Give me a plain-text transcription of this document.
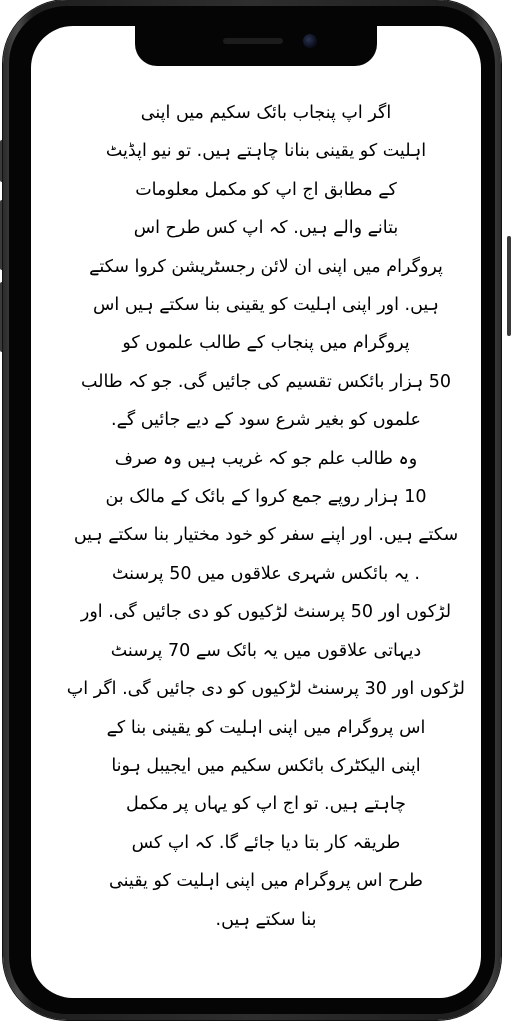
اگر اپ پنجاب بائک سکیم میں اپنی
اہلیت کو یقینی بنانا چاہتے ہیں. تو نیو اپڈیٹ
کے مطابق اج اپ کو مکمل معلومات
بتانے والے ہیں. کہ اپ کس طرح اس
پروگرام میں اپنی ان لائن رجسٹریشن کروا سکتے
ہیں. اور اپنی اہلیت کو یقینی بنا سکتے ہیں اس
پروگرام میں پنجاب کے طالب علموں کو
50 ہزار بائکس تقسیم کی جائیں گی. جو کہ طالب
علموں کو بغیر شرع سود کے دیے جائیں گے.
وہ طالب علم جو کہ غریب ہیں وہ صرف
10 ہزار روپے جمع کروا کے بائک کے مالک بن
سکتے ہیں. اور اپنے سفر کو خود مختیار بنا سکتے ہیں
. یہ بائکس شہری علاقوں میں 50 پرسنٹ
لڑکوں اور 50 پرسنٹ لڑکیوں کو دی جائیں گی. اور
دیہاتی علاقوں میں یہ بائک سے 70 پرسنٹ
لڑکوں اور 30 پرسنٹ لڑکیوں کو دی جائیں گی. اگر اپ
اس پروگرام میں اپنی اہلیت کو یقینی بنا کے
اپنی الیکٹرک بائکس سکیم میں ایجیبل ہونا
چاہتے ہیں. تو اج اپ کو یہاں پر مکمل
طریقہ کار بتا دیا جائے گا. کہ اپ کس
طرح اس پروگرام میں اپنی اہلیت کو یقینی
بنا سکتے ہیں.
